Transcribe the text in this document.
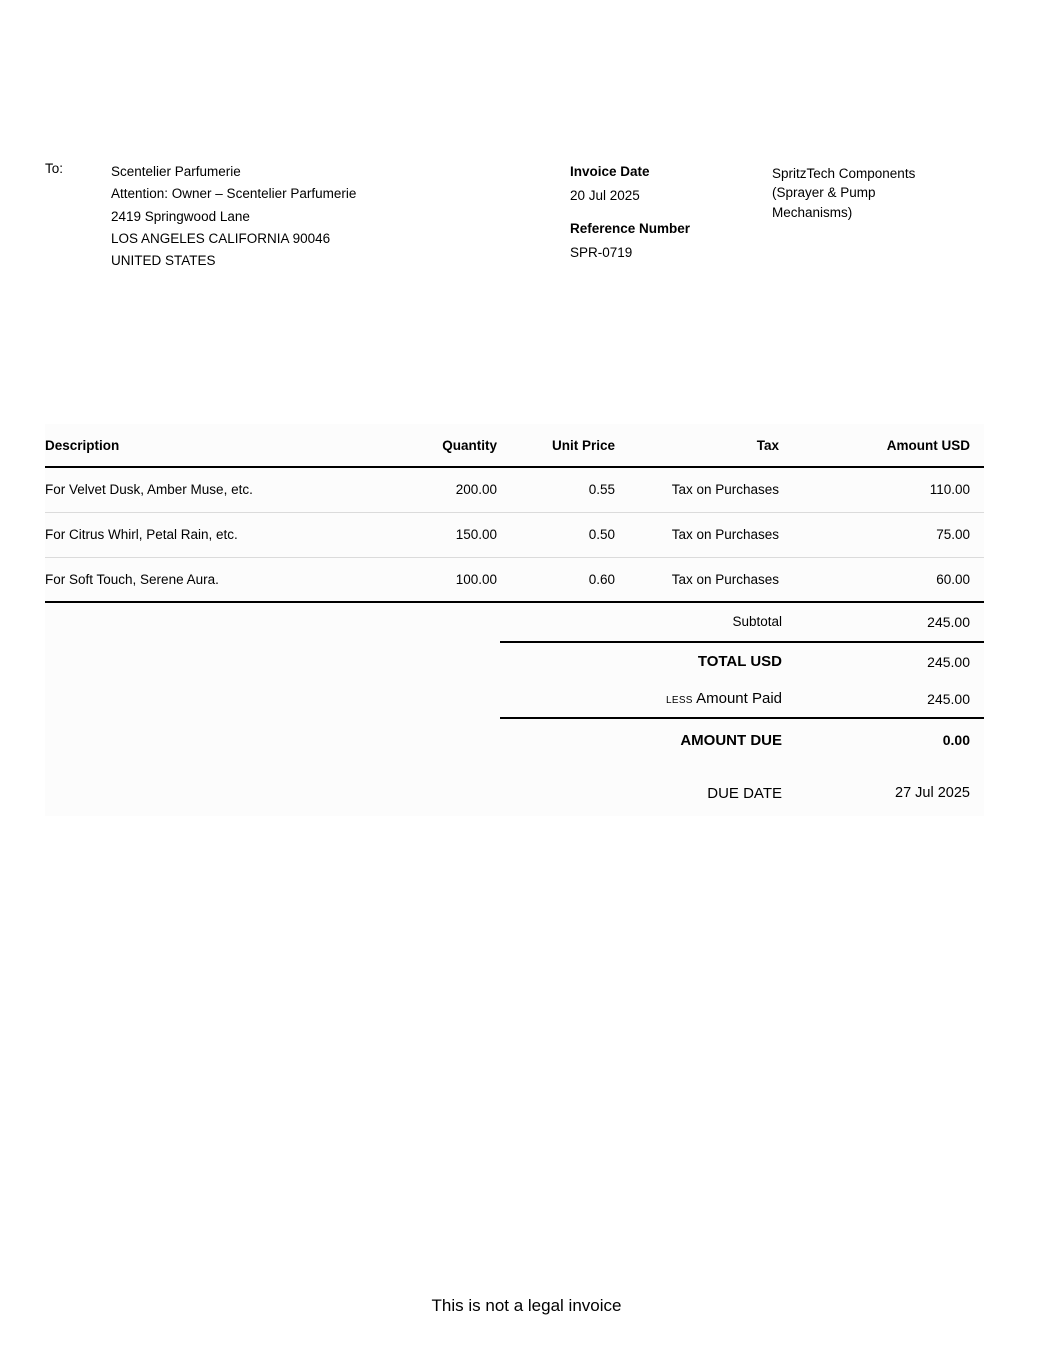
To:	Scentelier Parfumerie
Attention: Owner – Scentelier Parfumerie
2419 Springwood Lane
LOS ANGELES CALIFORNIA 90046
UNITED STATES
Invoice Date
20 Jul 2025
Reference Number
SPR-0719
SpritzTech Components (Sprayer & Pump Mechanisms)
Description	Quantity	Unit Price	Tax	Amount USD
For Velvet Dusk, Amber Muse, etc.	200.00	0.55	Tax on Purchases	110.00
For Citrus Whirl, Petal Rain, etc.	150.00	0.50	Tax on Purchases	75.00
For Soft Touch, Serene Aura.	100.00	0.60	Tax on Purchases	60.00
Subtotal	245.00
TOTAL USD	245.00
LESS Amount Paid	245.00
AMOUNT DUE	0.00
DUE DATE	27 Jul 2025
This is not a legal invoice
